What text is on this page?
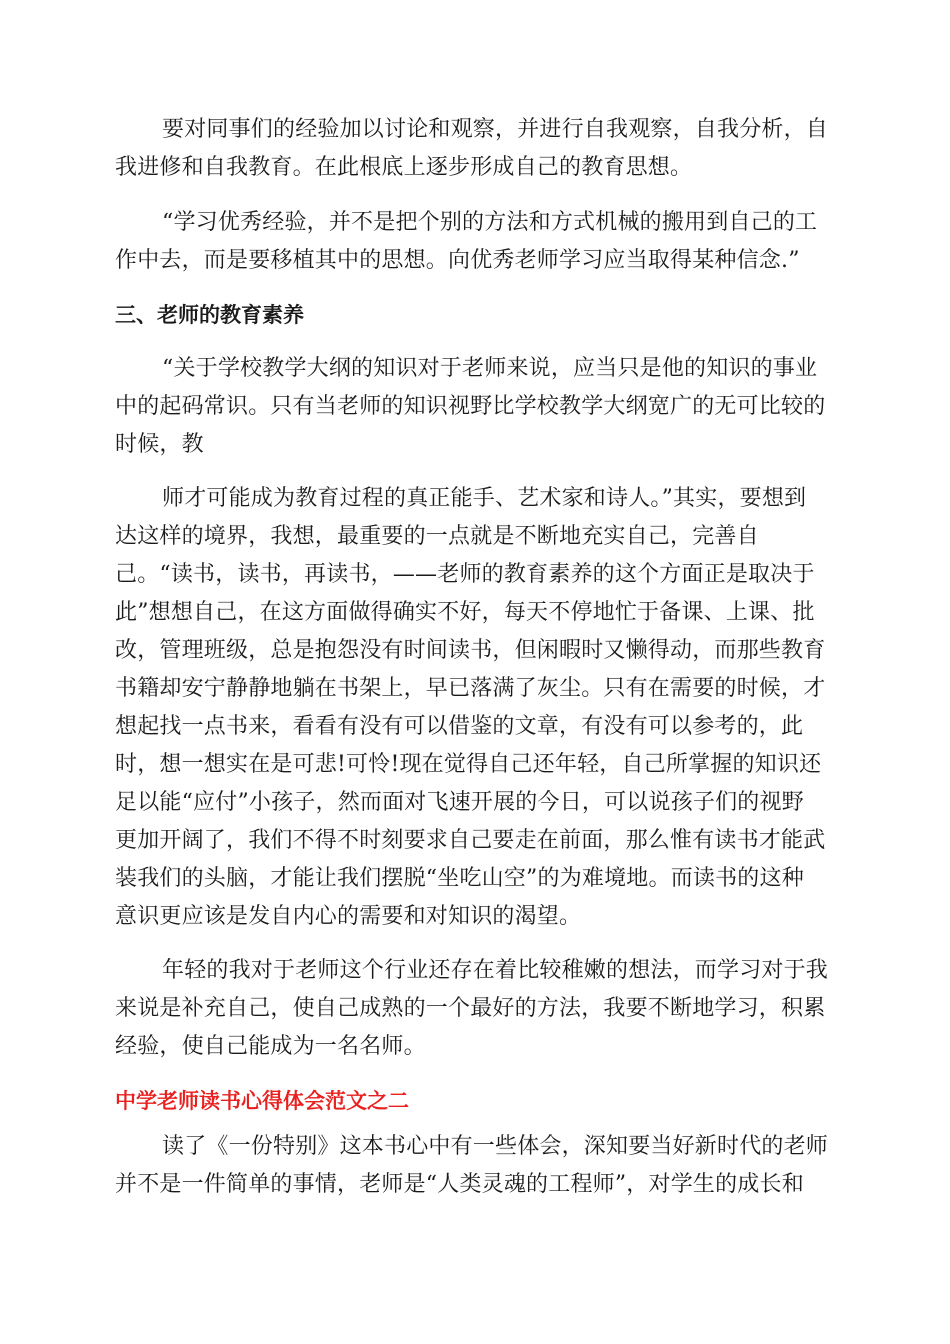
要对同事们的经验加以讨论和观察，并进行自我观察，自我分析，自
我进修和自我教育。在此根底上逐步形成自己的教育思想。
“学习优秀经验，并不是把个别的方法和方式机械的搬用到自己的工
作中去，而是要移植其中的思想。向优秀老师学习应当取得某种信念.”
三、老师的教育素养
“关于学校教学大纲的知识对于老师来说，应当只是他的知识的事业
中的起码常识。只有当老师的知识视野比学校教学大纲宽广的无可比较的
时候，教
师才可能成为教育过程的真正能手、艺术家和诗人。”其实，要想到
达这样的境界，我想，最重要的一点就是不断地充实自己，完善自
己。“读书，读书，再读书，——老师的教育素养的这个方面正是取决于
此”想想自己，在这方面做得确实不好，每天不停地忙于备课、上课、批
改，管理班级，总是抱怨没有时间读书，但闲暇时又懒得动，而那些教育
书籍却安宁静静地躺在书架上，早已落满了灰尘。只有在需要的时候，才
想起找一点书来，看看有没有可以借鉴的文章，有没有可以参考的，此
时，想一想实在是可悲!可怜!现在觉得自己还年轻，自己所掌握的知识还
足以能“应付”小孩子，然而面对飞速开展的今日，可以说孩子们的视野
更加开阔了，我们不得不时刻要求自己要走在前面，那么惟有读书才能武
装我们的头脑，才能让我们摆脱“坐吃山空”的为难境地。而读书的这种
意识更应该是发自内心的需要和对知识的渴望。
年轻的我对于老师这个行业还存在着比较稚嫩的想法，而学习对于我
来说是补充自己，使自己成熟的一个最好的方法，我要不断地学习，积累
经验，使自己能成为一名名师。
中学老师读书心得体会范文之二
读了《一份特别》这本书心中有一些体会，深知要当好新时代的老师
并不是一件简单的事情，老师是“人类灵魂的工程师”，对学生的成长和
